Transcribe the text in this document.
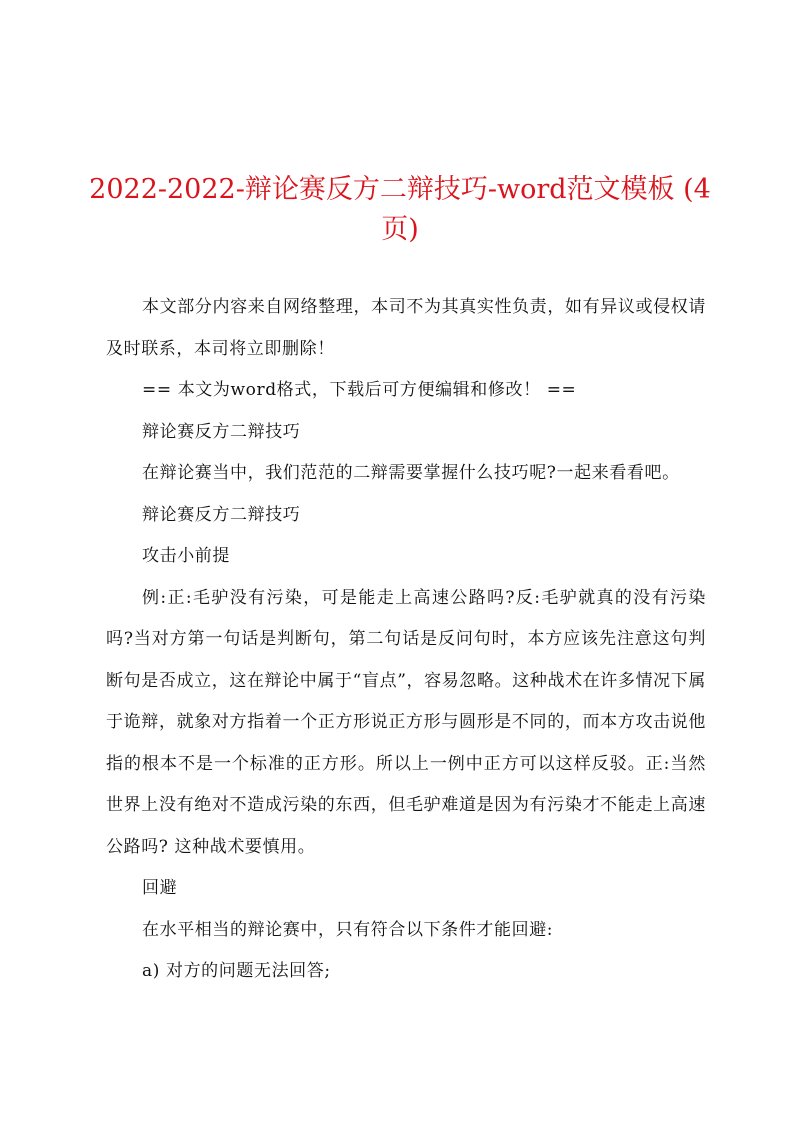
2022-2022-辩论赛反方二辩技巧-word范文模板 (4页)

本文部分内容来自网络整理，本司不为其真实性负责，如有异议或侵权请及时联系，本司将立即删除！

== 本文为word格式，下载后可方便编辑和修改！ ==

辩论赛反方二辩技巧

在辩论赛当中，我们范范的二辩需要掌握什么技巧呢?一起来看看吧。

辩论赛反方二辩技巧

攻击小前提

例:正:毛驴没有污染，可是能走上高速公路吗?反:毛驴就真的没有污染吗?当对方第一句话是判断句，第二句话是反问句时，本方应该先注意这句判断句是否成立，这在辩论中属于“盲点”，容易忽略。这种战术在许多情况下属于诡辩，就象对方指着一个正方形说正方形与圆形是不同的，而本方攻击说他指的根本不是一个标准的正方形。所以上一例中正方可以这样反驳。正:当然世界上没有绝对不造成污染的东西，但毛驴难道是因为有污染才不能走上高速公路吗? 这种战术要慎用。

回避

在水平相当的辩论赛中，只有符合以下条件才能回避:

a) 对方的问题无法回答;
